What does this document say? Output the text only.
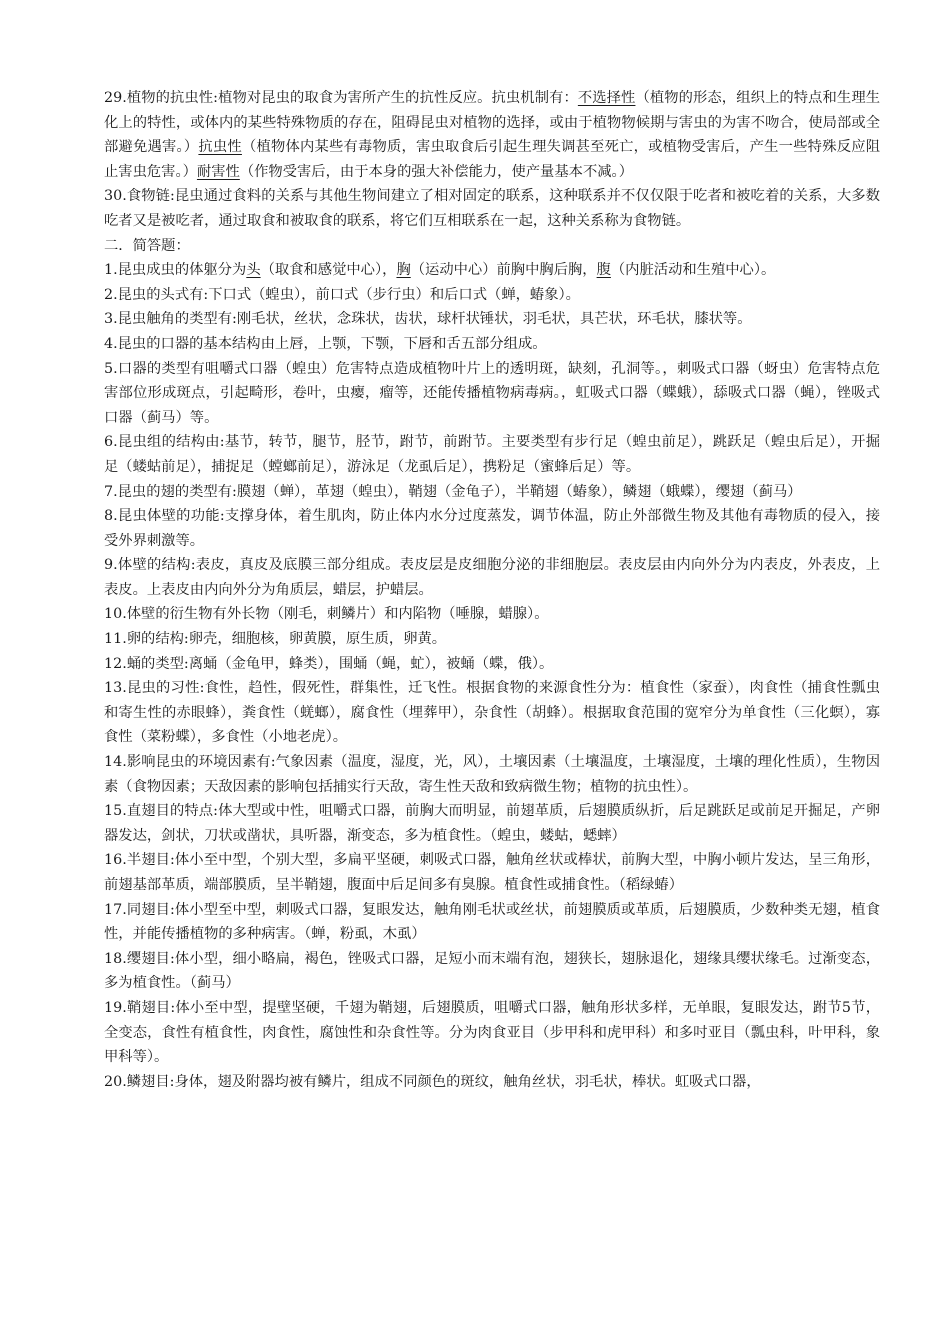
29.植物的抗虫性:植物对昆虫的取食为害所产生的抗性反应。抗虫机制有：不选择性（植物的形态，组织上的特点和生理生化上的特性，或体内的某些特殊物质的存在，阻碍昆虫对植物的选择，或由于植物物候期与害虫的为害不吻合，使局部或全部避免遇害。）抗虫性（植物体内某些有毒物质，害虫取食后引起生理失调甚至死亡，或植物受害后，产生一些特殊反应阻止害虫危害。）耐害性（作物受害后，由于本身的强大补偿能力，使产量基本不减。）

30.食物链:昆虫通过食料的关系与其他生物间建立了相对固定的联系，这种联系并不仅仅限于吃者和被吃着的关系，大多数吃者又是被吃者，通过取食和被取食的联系，将它们互相联系在一起，这种关系称为食物链。

二．简答题：

1.昆虫成虫的体躯分为头（取食和感觉中心），胸（运动中心）前胸中胸后胸，腹（内脏活动和生殖中心）。

2.昆虫的头式有:下口式（蝗虫），前口式（步行虫）和后口式（蝉，蝽象）。

3.昆虫触角的类型有:刚毛状，丝状，念珠状，齿状，球杆状锤状，羽毛状，具芒状，环毛状，膝状等。

4.昆虫的口器的基本结构由上唇，上颚，下颚，下唇和舌五部分组成。

5.口器的类型有咀嚼式口器（蝗虫）危害特点造成植物叶片上的透明斑，缺刻，孔洞等。，刺吸式口器（蚜虫）危害特点危害部位形成斑点，引起畸形，卷叶，虫瘿，瘤等，还能传播植物病毒病。，虹吸式口器（蝶蛾），舔吸式口器（蝇），锉吸式口器（蓟马）等。

6.昆虫组的结构由:基节，转节，腿节，胫节，跗节，前跗节。主要类型有步行足（蝗虫前足），跳跃足（蝗虫后足），开掘足（蝼蛄前足），捕捉足（螳螂前足），游泳足（龙虱后足），携粉足（蜜蜂后足）等。

7.昆虫的翅的类型有:膜翅（蝉），革翅（蝗虫），鞘翅（金龟子），半鞘翅（蝽象），鳞翅（蛾蝶），缨翅（蓟马）

8.昆虫体壁的功能:支撑身体，着生肌肉，防止体内水分过度蒸发，调节体温，防止外部微生物及其他有毒物质的侵入，接受外界刺激等。

9.体壁的结构:表皮，真皮及底膜三部分组成。表皮层是皮细胞分泌的非细胞层。表皮层由内向外分为内表皮，外表皮，上表皮。上表皮由内向外分为角质层，蜡层，护蜡层。

10.体壁的衍生物有外长物（刚毛，刺鳞片）和内陷物（唾腺，蜡腺）。

11.卵的结构:卵壳，细胞核，卵黄膜，原生质，卵黄。

12.蛹的类型:离蛹（金龟甲，蜂类），围蛹（蝇，虻），被蛹（蝶，俄）。

13.昆虫的习性:食性，趋性，假死性，群集性，迁飞性。根据食物的来源食性分为：植食性（家蚕），肉食性（捕食性瓢虫和寄生性的赤眼蜂），粪食性（蜣螂），腐食性（埋葬甲），杂食性（胡蜂）。根据取食范围的宽窄分为单食性（三化螟），寡食性（菜粉蝶），多食性（小地老虎）。

14.影响昆虫的环境因素有:气象因素（温度，湿度，光，风），土壤因素（土壤温度，土壤湿度，土壤的理化性质），生物因素（食物因素；天敌因素的影响包括捕实行天敌，寄生性天敌和致病微生物；植物的抗虫性）。

15.直翅目的特点:体大型或中性，咀嚼式口器，前胸大而明显，前翅革质，后翅膜质纵折，后足跳跃足或前足开掘足，产卵器发达，剑状，刀状或凿状，具听器，渐变态，多为植食性。（蝗虫，蝼蛄，蟋蟀）

16.半翅目:体小至中型，个别大型，多扁平坚硬，刺吸式口器，触角丝状或棒状，前胸大型，中胸小顿片发达，呈三角形，前翅基部革质，端部膜质，呈半鞘翅，腹面中后足间多有臭腺。植食性或捕食性。（稻绿蝽）

17.同翅目:体小型至中型，刺吸式口器，复眼发达，触角刚毛状或丝状，前翅膜质或革质，后翅膜质，少数种类无翅，植食性，并能传播植物的多种病害。（蝉，粉虱，木虱）

18.缨翅目:体小型，细小略扁，褐色，锉吸式口器，足短小而末端有泡，翅狭长，翅脉退化，翅缘具缨状缘毛。过渐变态，多为植食性。（蓟马）

19.鞘翅目:体小至中型，提壁坚硬，千翅为鞘翅，后翅膜质，咀嚼式口器，触角形状多样，无单眼，复眼发达，跗节5节，全变态，食性有植食性，肉食性，腐蚀性和杂食性等。分为肉食亚目（步甲科和虎甲科）和多吋亚目（瓢虫科，叶甲科，象甲科等）。

20.鳞翅目:身体，翅及附器均被有鳞片，组成不同颜色的斑纹，触角丝状，羽毛状，棒状。虹吸式口器，
